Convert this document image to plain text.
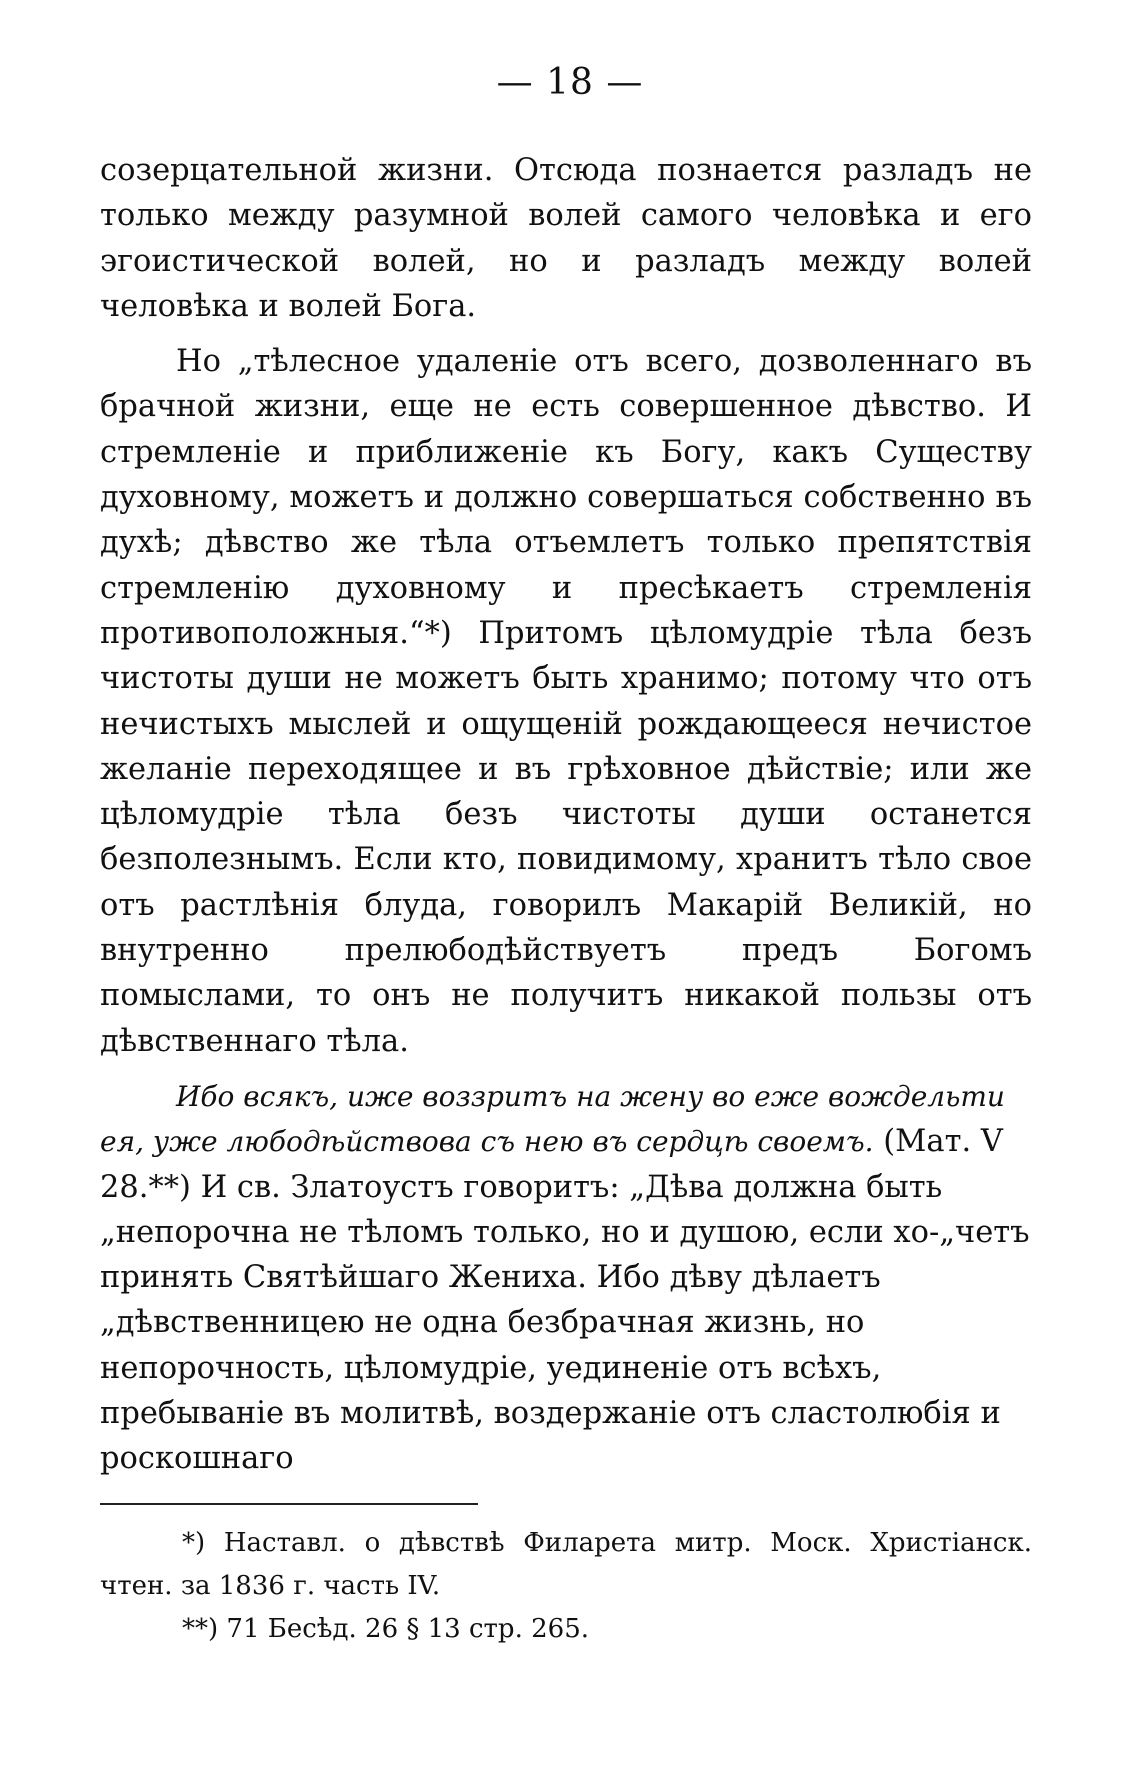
— 18 —

созерцательной жизни. Отсюда познается разладъ не только между разумной волей самого человѣка и его эгоистической волей, но и разладъ между волей человѣка и волей Бога.

Но „тѣлесное удаленіе отъ всего, дозволеннаго въ брачной жизни, еще не есть совершенное дѣвство. И стремленіе и приближеніе къ Богу, какъ Существу духовному, можетъ и должно совершаться собственно въ духѣ; дѣвство же тѣла отъемлетъ только препятствія стремленію духовному и пресѣкаетъ стремленія противоположныя.“*) Притомъ цѣломудріе тѣла безъ чистоты души не можетъ быть хранимо; потому что отъ нечистыхъ мыслей и ощущеній рождающееся нечистое желаніе переходящее и въ грѣховное дѣйствіе; или же цѣломудріе тѣла безъ чистоты души останется безполезнымъ. Если кто, повидимому, хранитъ тѣло свое отъ растлѣнія блуда, говорилъ Макарій Великій, но внутренно прелюбодѣйствуетъ предъ Богомъ помыслами, то онъ не получитъ никакой пользы отъ дѣвственнаго тѣла.

Ибо всякъ, иже воззритъ на жену во еже вождельти ея, уже любодѣйствова съ нею въ сердцѣ своемъ. (Мат. V 28.**) И св. Златоустъ говоритъ: „Дѣва должна быть „непорочна не тѣломъ только, но и душою, если хо-„четъ принять Святѣйшаго Жениха. Ибо дѣву дѣлаетъ „дѣвственницею не одна безбрачная жизнь, но непорочность, цѣломудріе, уединеніе отъ всѣхъ, пребываніе въ молитвѣ, воздержаніе отъ сластолюбія и роскошнаго

*) Наставл. о дѣвствѣ Филарета митр. Моск. Христіанск. чтен. за 1836 г. часть IV.

**) 71 Бесѣд. 26 § 13 стр. 265.
